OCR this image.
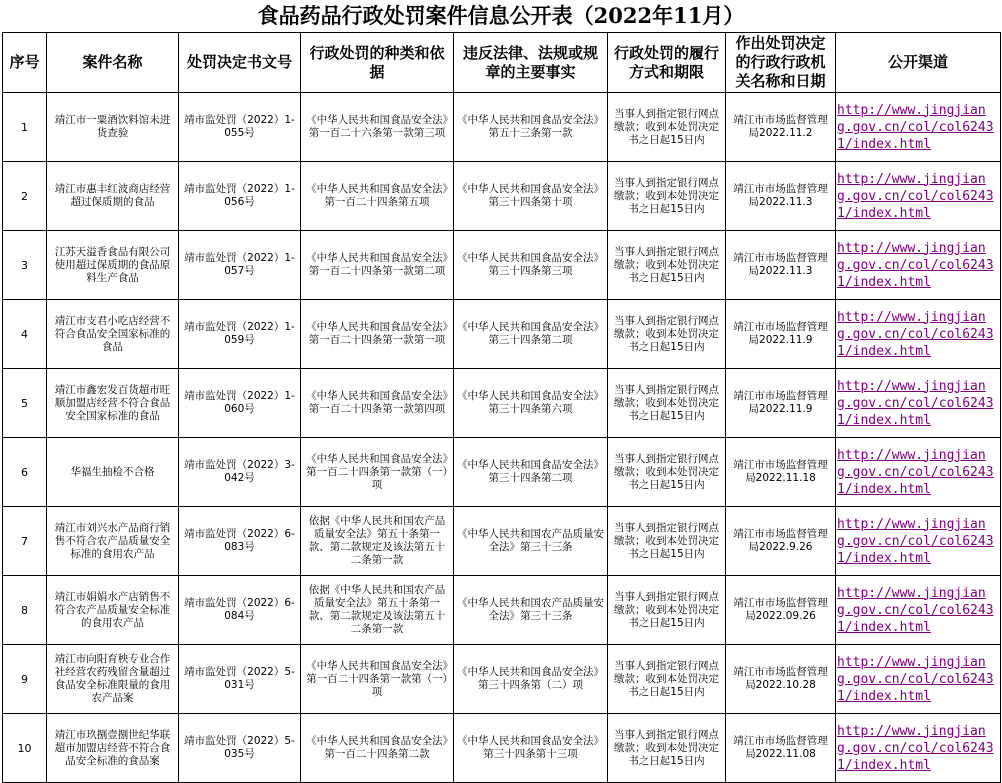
食品药品行政处罚案件信息公开表（2022年11月）
序号	案件名称	处罚决定书文号	行政处罚的种类和依据	违反法律、法规或规章的主要事实	行政处罚的履行方式和期限	作出处罚决定的行政行政机关名称和日期	公开渠道
1	靖江市一粟酒饮料馆未进货查验	靖市监处罚（2022）1-055号	《中华人民共和国食品安全法》第一百二十六条第一款第三项	《中华人民共和国食品安全法》第五十三条第一款	当事人到指定银行网点缴款；收到本处罚决定书之日起15日内	靖江市市场监督管理局2022.11.2	http://www.jingjiang.gov.cn/col/col62431/index.html
2	靖江市惠丰红波商店经营超过保质期的食品	靖市监处罚（2022）1-056号	《中华人民共和国食品安全法》第一百二十四条第五项	《中华人民共和国食品安全法》第三十四条第十项	当事人到指定银行网点缴款；收到本处罚决定书之日起15日内	靖江市市场监督管理局2022.11.3	http://www.jingjiang.gov.cn/col/col62431/index.html
3	江苏天溢香食品有限公司使用超过保质期的食品原料生产食品	靖市监处罚（2022）1-057号	《中华人民共和国食品安全法》第一百二十四条第一款第二项	《中华人民共和国食品安全法》第三十四条第三项	当事人到指定银行网点缴款；收到本处罚决定书之日起15日内	靖江市市场监督管理局2022.11.3	http://www.jingjiang.gov.cn/col/col62431/index.html
4	靖江市支君小吃店经营不符合食品安全国家标准的食品	靖市监处罚（2022）1-059号	《中华人民共和国食品安全法》第一百二十四条第一款第一项	《中华人民共和国食品安全法》第三十四条第二项	当事人到指定银行网点缴款；收到本处罚决定书之日起15日内	靖江市市场监督管理局2022.11.9	http://www.jingjiang.gov.cn/col/col62431/index.html
5	靖江市鑫宏发百货超市旺顺加盟店经营不符合食品安全国家标准的食品	靖市监处罚（2022）1-060号	《中华人民共和国食品安全法》第一百二十四条第一款第四项	《中华人民共和国食品安全法》第三十四条第六项	当事人到指定银行网点缴款；收到本处罚决定书之日起15日内	靖江市市场监督管理局2022.11.9	http://www.jingjiang.gov.cn/col/col62431/index.html
6	华福生抽检不合格	靖市监处罚（2022）3-042号	《中华人民共和国食品安全法》第一百二十四条第一款第（一）项	《中华人民共和国食品安全法》第三十四条第二项	当事人到指定银行网点缴款；收到本处罚决定书之日起15日内	靖江市市场监督管理局2022.11.18	http://www.jingjiang.gov.cn/col/col62431/index.html
7	靖江市刘兴水产品商行销售不符合农产品质量安全标准的食用农产品	靖市监处罚（2022）6-083号	依据《中华人民共和国农产品质量安全法》第五十条第一款、第二款规定及该法第五十二条第一款	《中华人民共和国农产品质量安全法》第三十三条	当事人到指定银行网点缴款；收到本处罚决定书之日起15日内	靖江市市场监督管理局2022.9.26	http://www.jingjiang.gov.cn/col/col62431/index.html
8	靖江市娟娟水产店销售不符合农产品质量安全标准的食用农产品	靖市监处罚（2022）6-084号	依据《中华人民共和国农产品质量安全法》第五十条第一款、第二款规定及该法第五十二条第一款	《中华人民共和国农产品质量安全法》第三十三条	当事人到指定银行网点缴款；收到本处罚决定书之日起15日内	靖江市市场监督管理局2022.09.26	http://www.jingjiang.gov.cn/col/col62431/index.html
9	靖江市向阳育秧专业合作社经营农药残留含量超过食品安全标准限量的食用农产品案	靖市监处罚（2022）5-031号	《中华人民共和国食品安全法》第一百二十四条第一款第（一）项	《中华人民共和国食品安全法》第三十四条第（二）项	当事人到指定银行网点缴款；收到本处罚决定书之日起15日内	靖江市市场监督管理局2022.10.28	http://www.jingjiang.gov.cn/col/col62431/index.html
10	靖江市玖捌壹捌世纪华联超市加盟店经营不符合食品安全标准的食品案	靖市监处罚（2022）5-035号	《中华人民共和国食品安全法》第一百二十四条第二款	《中华人民共和国食品安全法》第三十四条第十三项	当事人到指定银行网点缴款；收到本处罚决定书之日起15日内	靖江市市场监督管理局2022.11.08	http://www.jingjiang.gov.cn/col/col62431/index.html
